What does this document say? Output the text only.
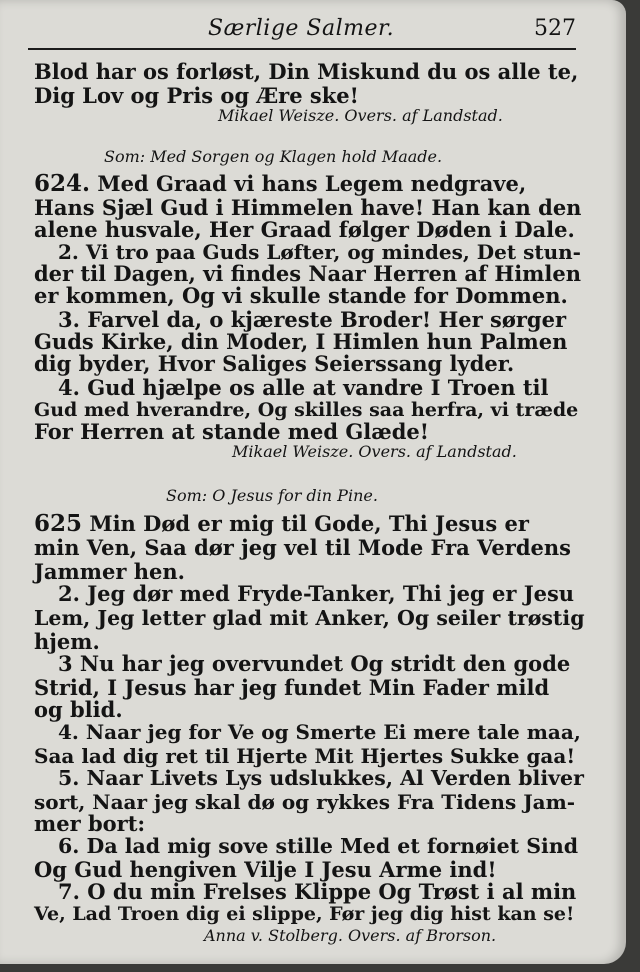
Særlige Salmer.	527
Blod har os forløst, Din Miskund du os alle te,
Dig Lov og Pris og Ære ske!
Mikael Weisze. Overs. af Landstad.
Som: Med Sorgen og Klagen hold Maade.
624. Med Graad vi hans Legem nedgrave,
Hans Sjæl Gud i Himmelen have! Han kan den
alene husvale, Her Graad følger Døden i Dale.
2. Vi tro paa Guds Løfter, og mindes, Det stun-
der til Dagen, vi findes Naar Herren af Himlen
er kommen, Og vi skulle stande for Dommen.
3. Farvel da, o kjæreste Broder! Her sørger
Guds Kirke, din Moder, I Himlen hun Palmen
dig byder, Hvor Saliges Seierssang lyder.
4. Gud hjælpe os alle at vandre I Troen til
Gud med hverandre, Og skilles saa herfra, vi træde
For Herren at stande med Glæde!
Mikael Weisze. Overs. af Landstad.
Som: O Jesus for din Pine.
625 Min Død er mig til Gode, Thi Jesus er
min Ven, Saa dør jeg vel til Mode Fra Verdens
Jammer hen.
2. Jeg dør med Fryde-Tanker, Thi jeg er Jesu
Lem, Jeg letter glad mit Anker, Og seiler trøstig
hjem.
3 Nu har jeg overvundet Og stridt den gode
Strid, I Jesus har jeg fundet Min Fader mild
og blid.
4. Naar jeg for Ve og Smerte Ei mere tale maa,
Saa lad dig ret til Hjerte Mit Hjertes Sukke gaa!
5. Naar Livets Lys udslukkes, Al Verden bliver
sort, Naar jeg skal dø og rykkes Fra Tidens Jam-
mer bort:
6. Da lad mig sove stille Med et fornøiet Sind
Og Gud hengiven Vilje I Jesu Arme ind!
7. O du min Frelses Klippe Og Trøst i al min
Ve, Lad Troen dig ei slippe, Før jeg dig hist kan se!
Anna v. Stolberg. Overs. af Brorson.
